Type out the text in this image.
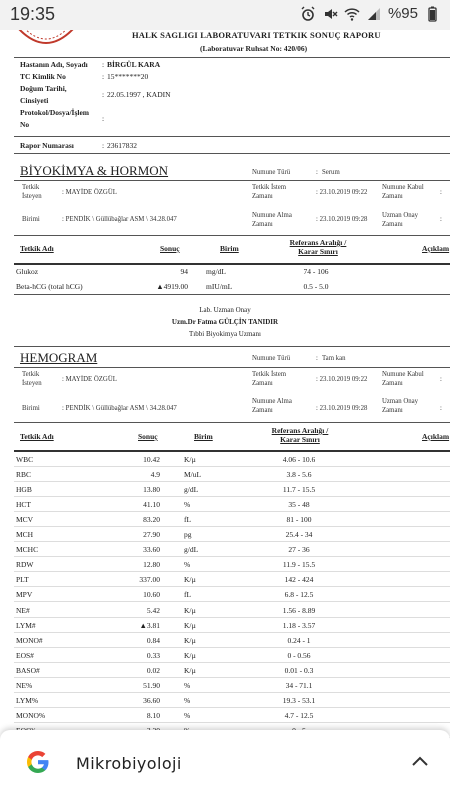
19:35	%95
HALK SAGLIGI LABORATUVARI TETKIK SONUÇ RAPORU
(Laboratuvar Ruhsat No: 420/06)
Hastanın Adı, Soyadı : BİRGÜL KARA
TC Kimlik No	: 15*******20
Doğum Tarihi,
Cinsiyeti
: 22.05.1997 , KADIN
Protokol/Dosya/İşlem
:
No
Rapor Numarası	: 23617832
BİYOKİMYA & HORMON	Numune Türü	: Serum
Tetkik
İsteyen
: MAYİDE ÖZGÜL
Tetkik İstem
Zamanı
: 23.10.2019 09:22
Numune Kabul
Zamanı
:
Birimi	: PENDİK \ Güllübağlar ASM \ 34.28.047
Numune Alma
Zamanı
: 23.10.2019 09:28
Uzman Onay
Zamanı
:
Tetkik Adı	Sonuç	Birim
Referans Aralığı /
Karar Sınırı	Açıklam
Glukoz	94 mg/dL	74 - 106
Beta-hCG (total hCG)	▲4919.00 mIU/mL	0.5 - 5.0
Lab. Uzman Onay
Uzm.Dr Fatma GÜLÇİN TANIDIR
Tıbbi Biyokimya Uzmanı
HEMOGRAM	Numune Türü	: Tam kan
Tetkik
İsteyen
: MAYİDE ÖZGÜL
Tetkik İstem
Zamanı
: 23.10.2019 09:22
Numune Kabul
Zamanı
:
Birimi	: PENDİK \ Güllübağlar ASM \ 34.28.047
Numune Alma
Zamanı	: 23.10.2019 09:28
Uzman Onay
Zamanı	:
Tetkik Adı	Sonuç	Birim
Referans Aralığı /
Karar Sınırı	Açıklam
WBC	10.42	K/µ	4.06 - 10.6
RBC	4.9	M/uL	3.8 - 5.6
HGB	13.80	g/dL	11.7 - 15.5
HCT	41.10	%	35 - 48
MCV	83.20	fL	81 - 100
MCH	27.90	pg	25.4 - 34
MCHC	33.60	g/dL	27 - 36
RDW	12.80	%	11.9 - 15.5
PLT	337.00	K/µ	142 - 424
MPV	10.60	fL	6.8 - 12.5
NE#	5.42	K/µ	1.56 - 8.89
LYM#	▲3.81	K/µ	1.18 - 3.57
MONO#	0.84	K/µ	0.24 - 1
EOS#	0.33	K/µ	0 - 0.56
BASO#	0.02	K/µ	0.01 - 0.3
NE%	51.90	%	34 - 71.1
LYM%	36.60	%	19.3 - 53.1
MONO%	8.10	%	4.7 - 12.5
Mikrobiyoloji
